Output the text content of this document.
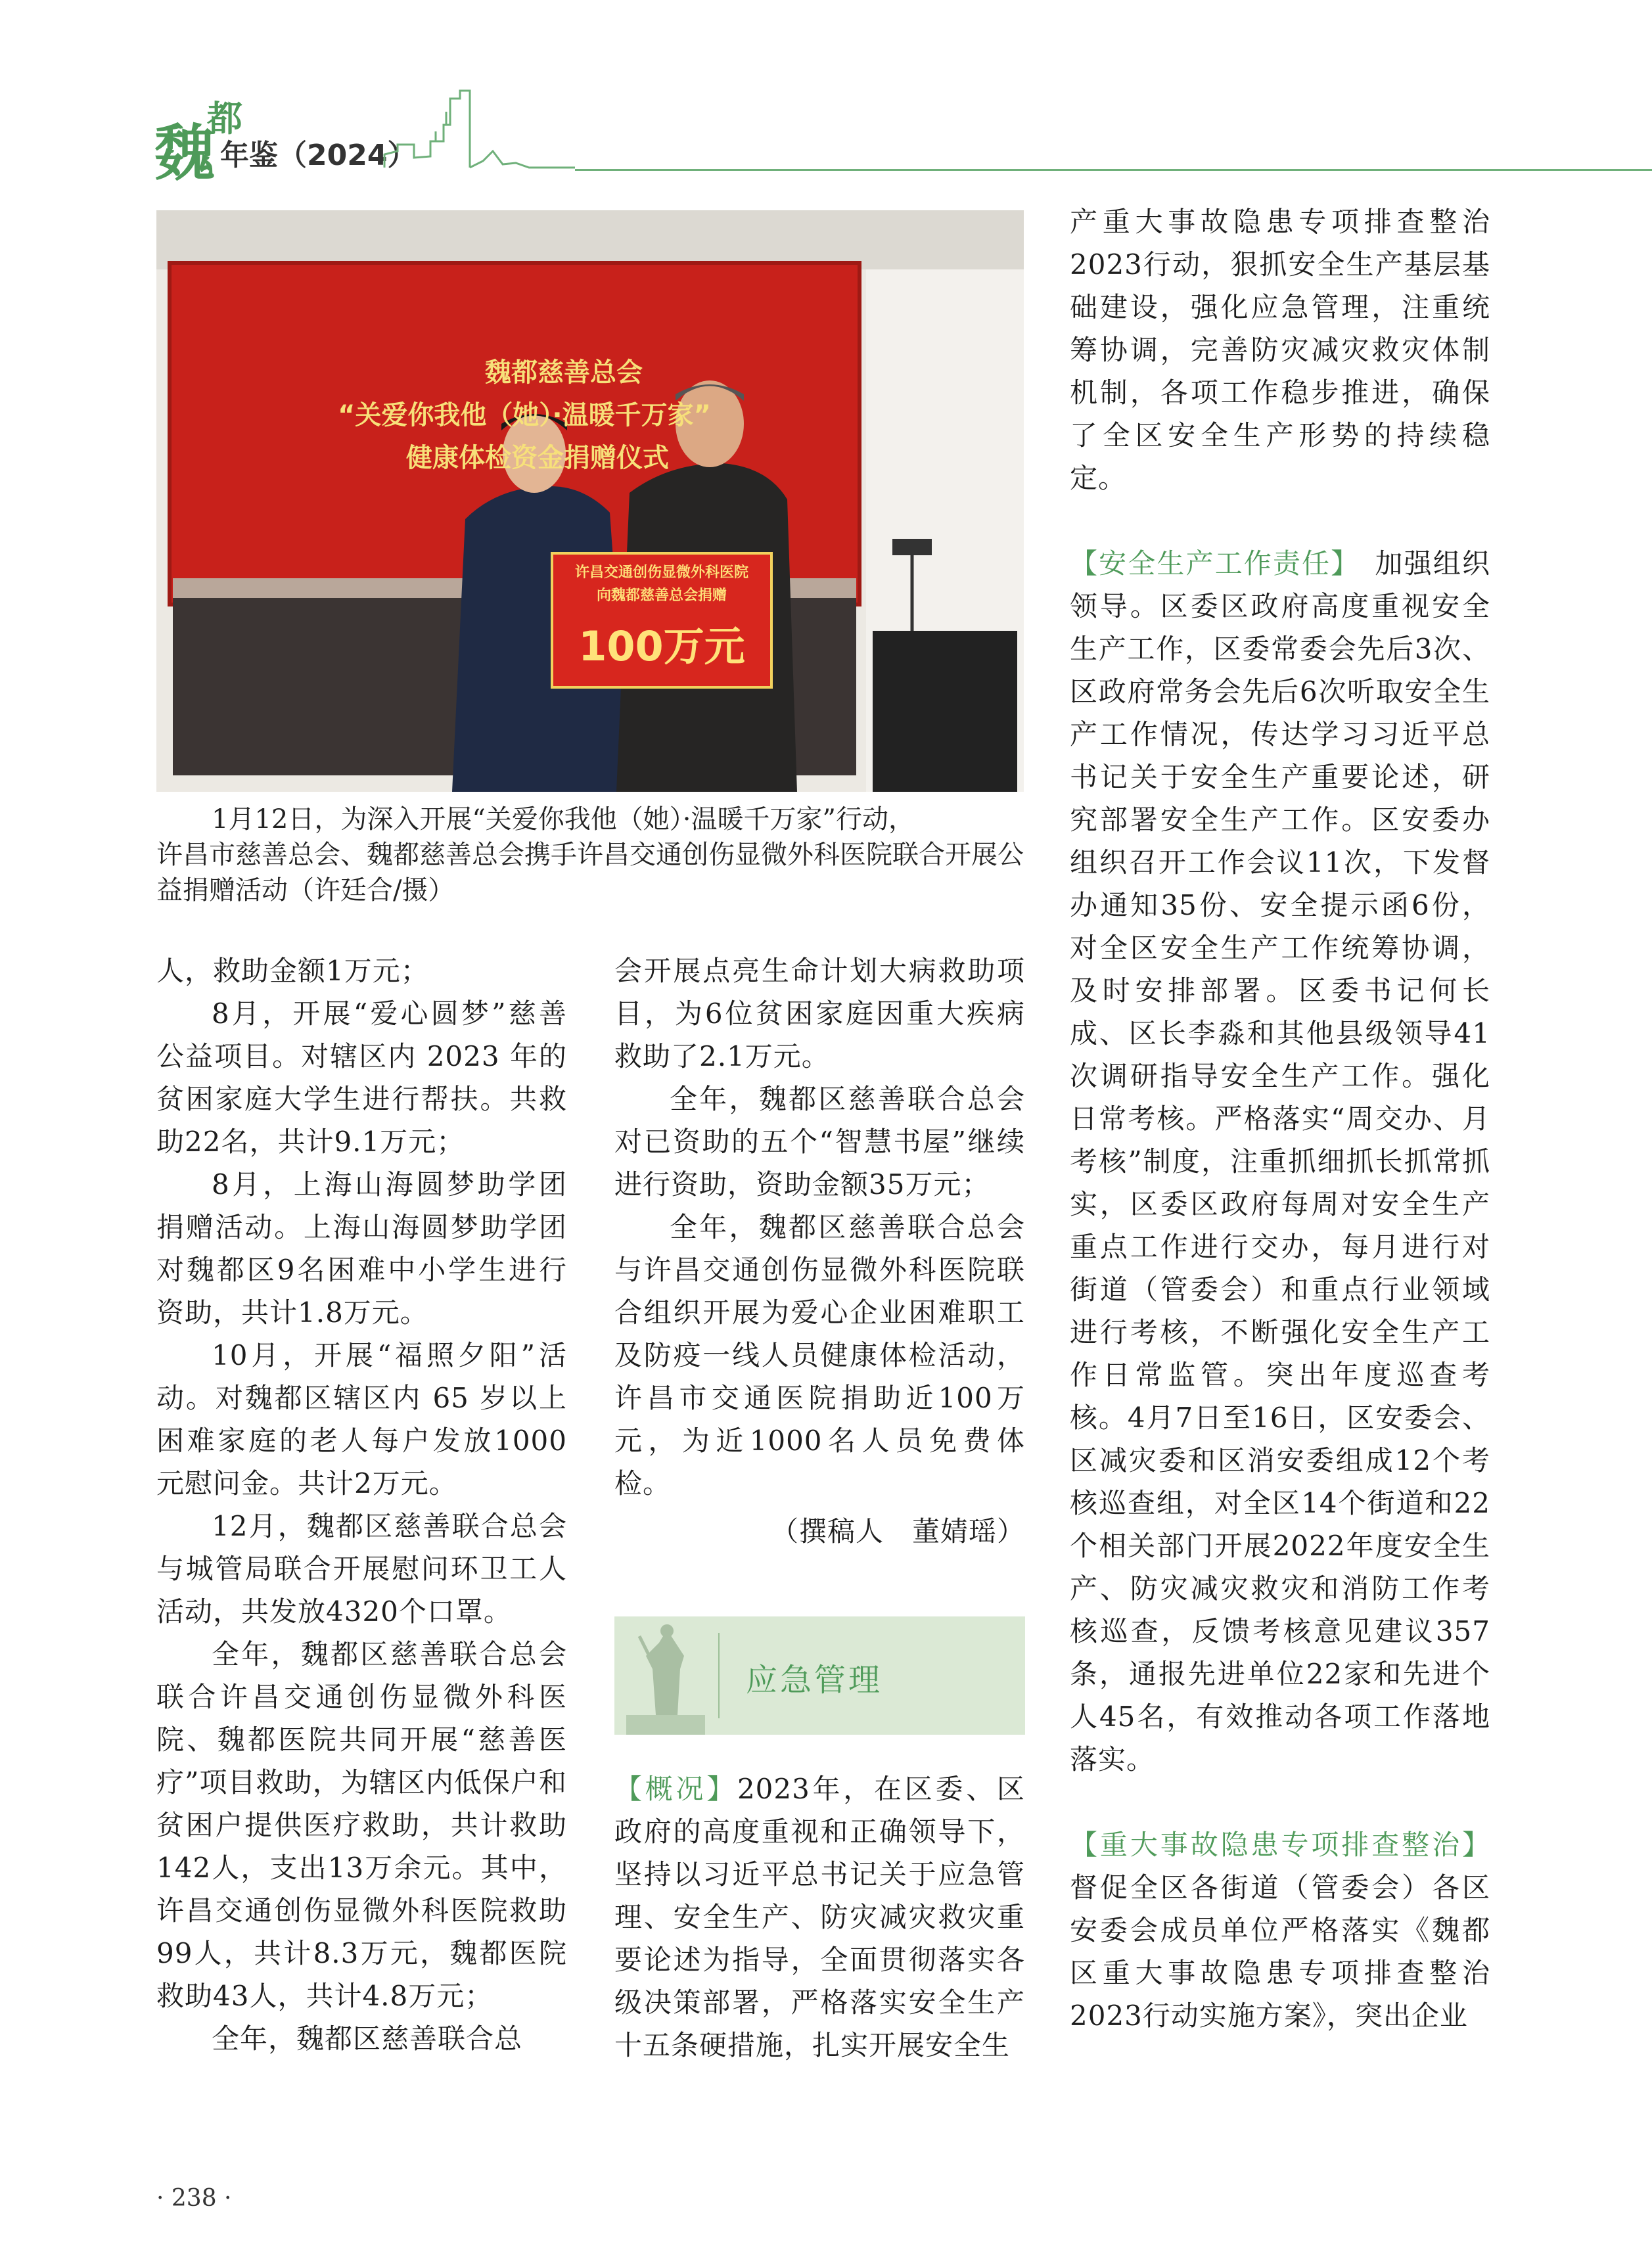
魏
都
年鉴（2024）
魏都慈善总会
“关爱你我他（她）·温暖千万家”
健康体检资金捐赠仪式
许昌交通创伤显微外科医院
向魏都慈善总会捐赠
100万元

1月12日，为深入开展“关爱你我他（她）·温暖千万家”行动，

许昌市慈善总会、魏都慈善总会携手许昌交通创伤显微外科医院联合开展公益捐赠活动（许廷合/摄）

人，救助金额1万元；

8月，开展“爱心圆梦”慈善公益项目。对辖区内 2023 年的贫困家庭大学生进行帮扶。共救助22名，共计9.1万元；

8月，上海山海圆梦助学团捐赠活动。上海山海圆梦助学团对魏都区9名困难中小学生进行资助，共计1.8万元。

10月，开展“福照夕阳”活动。对魏都区辖区内 65 岁以上困难家庭的老人每户发放1000元慰问金。共计2万元。

12月，魏都区慈善联合总会与城管局联合开展慰问环卫工人活动，共发放4320个口罩。

全年，魏都区慈善联合总会联合许昌交通创伤显微外科医院、魏都医院共同开展“慈善医疗”项目救助，为辖区内低保户和贫困户提供医疗救助，共计救助142人，支出13万余元。其中，许昌交通创伤显微外科医院救助99人，共计8.3万元，魏都医院救助43人，共计4.8万元；

全年，魏都区慈善联合总

会开展点亮生命计划大病救助项目，为6位贫困家庭因重大疾病救助了2.1万元。

全年，魏都区慈善联合总会对已资助的五个“智慧书屋”继续进行资助，资助金额35万元；

全年，魏都区慈善联合总会与许昌交通创伤显微外科医院联合组织开展为爱心企业困难职工及防疫一线人员健康体检活动，许昌市交通医院捐助近100万元，为近1000名人员免费体检。

（撰稿人　董婧瑶）

应急管理

【概况】2023年，在区委、区政府的高度重视和正确领导下，坚持以习近平总书记关于应急管理、安全生产、防灾减灾救灾重要论述为指导，全面贯彻落实各级决策部署，严格落实安全生产十五条硬措施，扎实开展安全生

产重大事故隐患专项排查整治2023行动，狠抓安全生产基层基础建设，强化应急管理，注重统筹协调，完善防灾减灾救灾体制机制，各项工作稳步推进，确保了全区安全生产形势的持续稳定。

【安全生产工作责任】　 加强组织领导。区委区政府高度重视安全生产工作，区委常委会先后3次、区政府常务会先后6次听取安全生产工作情况，传达学习习近平总书记关于安全生产重要论述，研究部署安全生产工作。区安委办组织召开工作会议11次，下发督办通知35份、安全提示函6份，对全区安全生产工作统筹协调，及时安排部署。区委书记何长成、区长李淼和其他县级领导41次调研指导安全生产工作。强化日常考核。严格落实“周交办、月考核”制度，注重抓细抓长抓常抓实，区委区政府每周对安全生产重点工作进行交办，每月进行对街道（管委会）和重点行业领域进行考核，不断强化安全生产工作日常监管。突出年度巡查考核。4月7日至16日，区安委会、区减灾委和区消安委组成12个考核巡查组，对全区14个街道和22个相关部门开展2022年度安全生产、防灾减灾救灾和消防工作考核巡查，反馈考核意见建议357条，通报先进单位22家和先进个人45名，有效推动各项工作落地落实。

【重大事故隐患专项排查整治】督促全区各街道（管委会）各区安委会成员单位严格落实《魏都区重大事故隐患专项排查整治2023行动实施方案》，突出企业

· 238 ·
